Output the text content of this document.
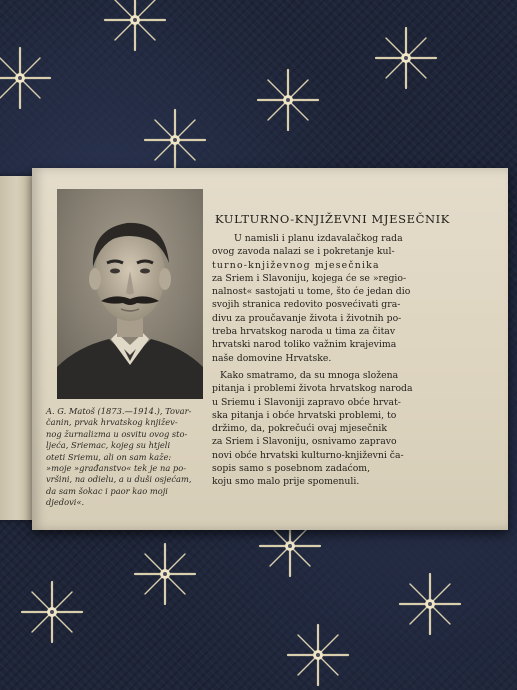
A. G. Matoš (1873.—1914.), Tovar-
čanin, prvak hrvatskog književ-
nog žurnalizma u osvitu ovog sto-
ljeća, Sriemac, kojeg su htjeli
oteti Sriemu, ali on sam kaže:
»moje »građanstvo« tek je na po-
vršini, na odielu, a u duši osjećam,
da sam šokac i paor kao moji
djedovi«.
KULTURNO-KNJIŽEVNI MJESEČNIK
U namisli i planu izdavalačkog rada
ovog zavoda nalazi se i pokretanje kul-
turno-književnog mjesečnika
za Sriem i Slavoniju, kojega će se »regio-
nalnost« sastojati u tome, što će jedan dio
svojih stranica redovito posvećivati gra-
divu za proučavanje života i životnih po-
treba hrvatskog naroda u tima za čitav
hrvatski narod toliko važnim krajevima
naše domovine Hrvatske.
Kako smatramo, da su mnoga složena
pitanja i problemi života hrvatskog naroda
u Sriemu i Slavoniji zapravo obće hrvat-
ska pitanja i obće hrvatski problemi, to
držimo, da, pokrečući ovaj mjesečnik
za Sriem i Slavoniju, osnivamo zapravo
novi obće hrvatski kulturno-književni ča-
sopis samo s posebnom zadaćom,
koju smo malo prije spomenuli.
